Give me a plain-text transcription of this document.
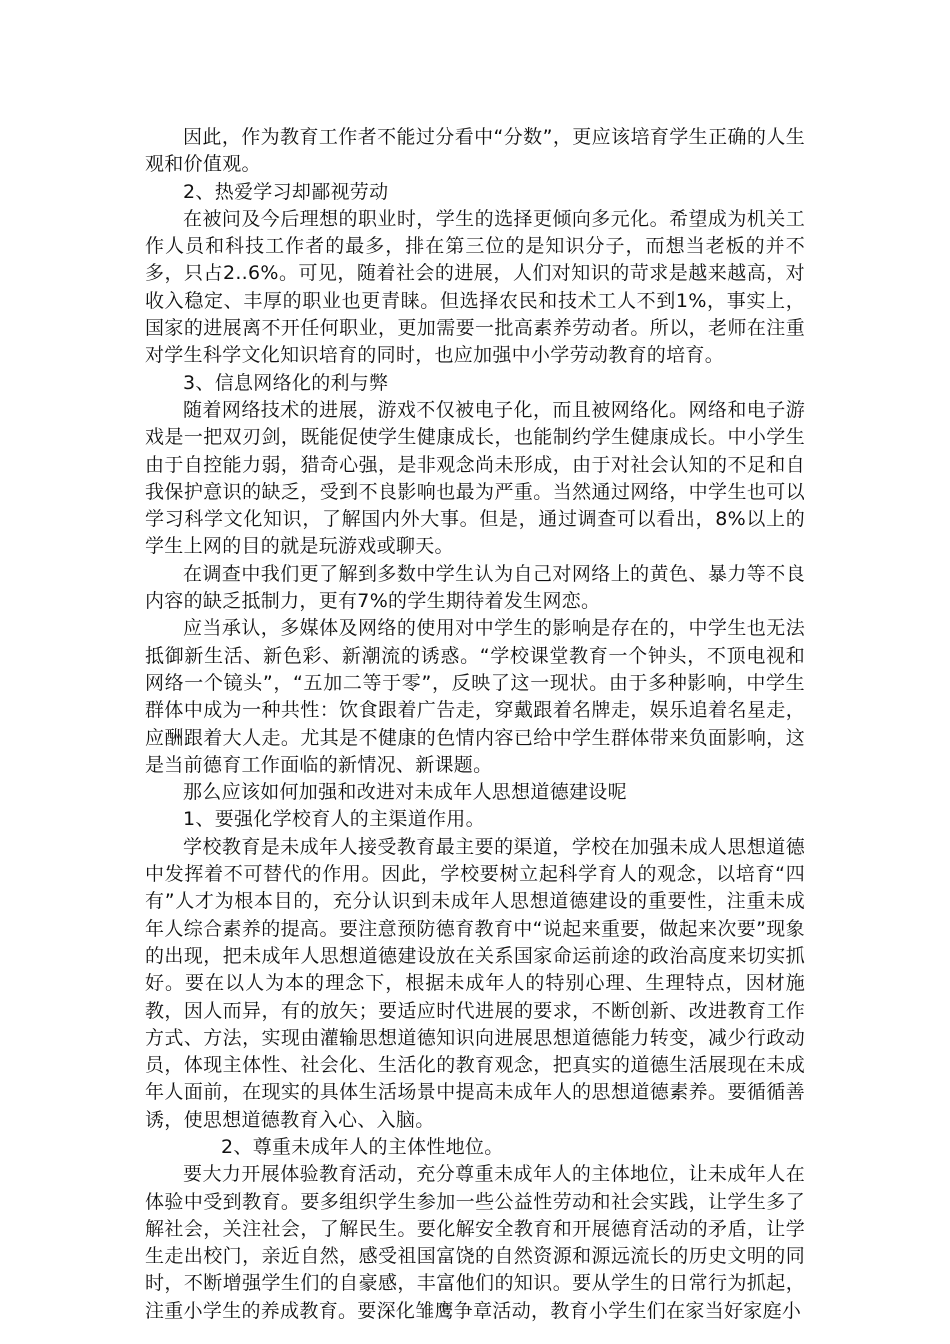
因此，作为教育工作者不能过分看中“分数”，更应该培育学生正确的人生观和价值观。

2、热爱学习却鄙视劳动

在被问及今后理想的职业时，学生的选择更倾向多元化。希望成为机关工作人员和科技工作者的最多，排在第三位的是知识分子，而想当老板的并不多，只占2..6%。可见，随着社会的进展，人们对知识的苛求是越来越高，对收入稳定、丰厚的职业也更青睐。但选择农民和技术工人不到1%，事实上，国家的进展离不开任何职业，更加需要一批高素养劳动者。所以，老师在注重对学生科学文化知识培育的同时，也应加强中小学劳动教育的培育。

3、信息网络化的利与弊

随着网络技术的进展，游戏不仅被电子化，而且被网络化。网络和电子游戏是一把双刃剑，既能促使学生健康成长，也能制约学生健康成长。中小学生由于自控能力弱，猎奇心强，是非观念尚未形成，由于对社会认知的不足和自我保护意识的缺乏，受到不良影响也最为严重。当然通过网络，中学生也可以学习科学文化知识，了解国内外大事。但是，通过调查可以看出，8%以上的学生上网的目的就是玩游戏或聊天。

在调查中我们更了解到多数中学生认为自己对网络上的黄色、暴力等不良内容的缺乏抵制力，更有7%的学生期待着发生网恋。

应当承认，多媒体及网络的使用对中学生的影响是存在的，中学生也无法抵御新生活、新色彩、新潮流的诱惑。“学校课堂教育一个钟头，不顶电视和网络一个镜头”，“五加二等于零”，反映了这一现状。由于多种影响，中学生群体中成为一种共性：饮食跟着广告走，穿戴跟着名牌走，娱乐追着名星走，应酬跟着大人走。尤其是不健康的色情内容已给中学生群体带来负面影响，这是当前德育工作面临的新情况、新课题。

那么应该如何加强和改进对未成年人思想道德建设呢

1、要强化学校育人的主渠道作用。

学校教育是未成年人接受教育最主要的渠道，学校在加强未成人思想道德中发挥着不可替代的作用。因此，学校要树立起科学育人的观念，以培育“四有”人才为根本目的，充分认识到未成年人思想道德建设的重要性，注重未成年人综合素养的提高。要注意预防德育教育中“说起来重要，做起来次要”现象的出现，把未成年人思想道德建设放在关系国家命运前途的政治高度来切实抓好。要在以人为本的理念下，根据未成年人的特别心理、生理特点，因材施教，因人而异，有的放矢；要适应时代进展的要求，不断创新、改进教育工作方式、方法，实现由灌输思想道德知识向进展思想道德能力转变，减少行政动员，体现主体性、社会化、生活化的教育观念，把真实的道德生活展现在未成年人面前，在现实的具体生活场景中提高未成年人的思想道德素养。要循循善诱，使思想道德教育入心、入脑。

2、尊重未成年人的主体性地位。

要大力开展体验教育活动，充分尊重未成年人的主体地位，让未成年人在体验中受到教育。要多组织学生参加一些公益性劳动和社会实践，让学生多了解社会，关注社会，了解民生。要化解安全教育和开展德育活动的矛盾，让学生走出校门，亲近自然，感受祖国富饶的自然资源和源远流长的历史文明的同时，不断增强学生们的自豪感，丰富他们的知识。要从学生的日常行为抓起，注重小学生的养成教育。要深化雏鹰争章活动，教育小学生们在家当好家庭小
